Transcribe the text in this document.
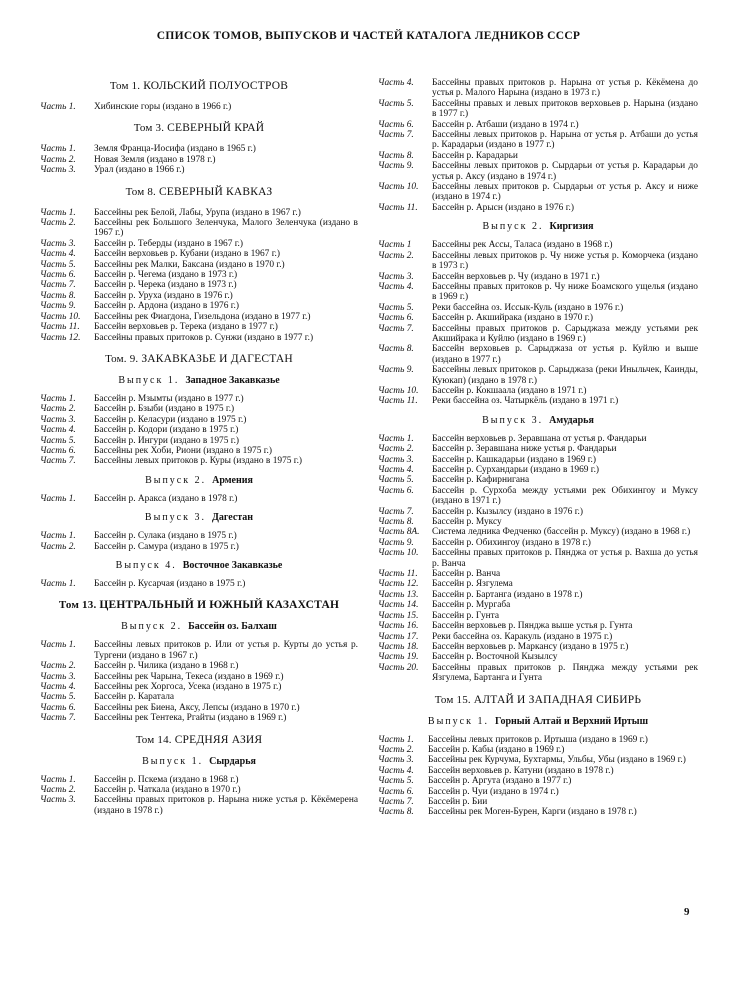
СПИСОК ТОМОВ, ВЫПУСКОВ И ЧАСТЕЙ КАТАЛОГА ЛЕДНИКОВ СССР
Том 1. КОЛЬСКИЙ ПОЛУОСТРОВ
Часть 1. Хибинские горы (издано в 1966 г.)
Том 3. СЕВЕРНЫЙ КРАЙ
Часть 1. Земля Франца-Иосифа (издано в 1965 г.)
Часть 2. Новая Земля (издано в 1978 г.)
Часть 3. Урал (издано в 1966 г.)
Том 8. СЕВЕРНЫЙ КАВКАЗ
Часть 1. Бассейны рек Белой, Лабы, Урупа (издано в 1967 г.)
Часть 2. Бассейны рек Большого Зеленчука, Малого Зеленчука (издано в 1967 г.)
Часть 3. Бассейн р. Теберды (издано в 1967 г.)
Часть 4. Бассейн верховьев р. Кубани (издано в 1967 г.)
Часть 5. Бассейны рек Малки, Баксана (издано в 1970 г.)
Часть 6. Бассейн р. Чегема (издано в 1973 г.)
Часть 7. Бассейн р. Черека (издано в 1973 г.)
Часть 8. Бассейн р. Уруха (издано в 1976 г.)
Часть 9. Бассейн р. Ардона (издано в 1976 г.)
Часть 10. Бассейны рек Фиагдона, Гизельдона (издано в 1977 г.)
Часть 11. Бассейн верховьев р. Терека (издано в 1977 г.)
Часть 12. Бассейны правых притоков р. Сунжи (издано в 1977 г.)
Том. 9. ЗАКАВКАЗЬЕ И ДАГЕСТАН
Выпуск 1. Западное Закавказье
Часть 1. Бассейн р. Мзымты (издано в 1977 г.)
Часть 2. Бассейн р. Бзыби (издано в 1975 г.)
Часть 3. Бассейн р. Келасури (издано в 1975 г.)
Часть 4. Бассейн р. Кодори (издано в 1975 г.)
Часть 5. Бассейн р. Ингури (издано в 1975 г.)
Часть 6. Бассейны рек Хоби, Риони (издано в 1975 г.)
Часть 7. Бассейны левых притоков р. Куры (издано в 1975 г.)
Выпуск 2. Армения
Часть 1. Бассейн р. Аракса (издано в 1978 г.)
Выпуск 3. Дагестан
Часть 1. Бассейн р. Сулака (издано в 1975 г.)
Часть 2. Бассейн р. Самура (издано в 1975 г.)
Выпуск 4. Восточное Закавказье
Часть 1. Бассейн р. Кусарчая (издано в 1975 г.)
Том 13. ЦЕНТРАЛЬНЫЙ И ЮЖНЫЙ КАЗАХСТАН
Выпуск 2. Бассейн оз. Балхаш
Часть 1. Бассейны левых притоков р. Или от устья р. Курты до устья р. Тургени (издано в 1967 г.)
Часть 2. Бассейн р. Чилика (издано в 1968 г.)
Часть 3. Бассейны рек Чарына, Текеса (издано в 1969 г.)
Часть 4. Бассейны рек Хоргоса, Усека (издано в 1975 г.)
Часть 5. Бассейн р. Каратала
Часть 6. Бассейны рек Биена, Аксу, Лепсы (издано в 1970 г.)
Часть 7. Бассейны рек Тентека, Ргайты (издано в 1969 г.)
Том 14. СРЕДНЯЯ АЗИЯ
Выпуск 1. Сырдарья
Часть 1. Бассейн р. Пскема (издано в 1968 г.)
Часть 2. Бассейн р. Чаткала (издано в 1970 г.)
Часть 3. Бассейны правых притоков р. Нарына ниже устья р. Кёкёмерена (издано в 1978 г.)
Часть 4. Бассейны правых притоков р. Нарына от устья р. Кёкёмена до устья р. Малого Нарына (издано в 1973 г.)
Часть 5. Бассейны правых и левых притоков верховьев р. Нарына (издано в 1977 г.)
Часть 6. Бассейн р. Атбаши (издано в 1974 г.)
Часть 7. Бассейны левых притоков р. Нарына от устья р. Атбаши до устья р. Карадарьи (издано в 1977 г.)
Часть 8. Бассейн р. Карадарьи
Часть 9. Бассейны левых притоков р. Сырдарьи от устья р. Карадарьи до устья р. Аксу (издано в 1974 г.)
Часть 10. Бассейны левых притоков р. Сырдарьи от устья р. Аксу и ниже (издано в 1974 г.)
Часть 11. Бассейн р. Арысн (издано в 1976 г.)
Выпуск 2. Киргизия
Часть 1 Бассейны рек Ассы, Таласа (издано в 1968 г.)
Часть 2. Бассейны левых притоков р. Чу ниже устья р. Коморчека (издано в 1973 г.)
Часть 3. Бассейн верховьев р. Чу (издано в 1971 г.)
Часть 4. Бассейны правых притоков р. Чу ниже Боамского ущелья (издано в 1969 г.)
Часть 5. Реки бассейна оз. Иссык-Куль (издано в 1976 г.)
Часть 6. Бассейн р. Акшийрака (издано в 1970 г.)
Часть 7. Бассейны правых притоков р. Сарыджаза между устьями рек Акшийрака и Куйлю (издано в 1969 г.)
Часть 8. Бассейн верховьев р. Сарыджаза от устья р. Куйлю и выше (издано в 1977 г.)
Часть 9. Бассейны левых притоков р. Сарыджаза (реки Иныльчек, Каинды, Куюкап) (издано в 1978 г.)
Часть 10. Бассейн р. Кокшаала (издано в 1971 г.)
Часть 11. Реки бассейна оз. Чатыркёль (издано в 1971 г.)
Выпуск 3. Амударья
Часть 1. Бассейн верховьев р. Зеравшана от устья р. Фандарьи
Часть 2. Бассейн р. Зеравшана ниже устья р. Фандарьи
Часть 3. Бассейн р. Кашкадарьи (издано в 1969 г.)
Часть 4. Бассейн р. Сурхандарьи (издано в 1969 г.)
Часть 5. Бассейн р. Кафирнигана
Часть 6. Бассейн р. Сурхоба между устьями рек Обихингоу и Муксу (издано в 1971 г.)
Часть 7. Бассейн р. Кызылсу (издано в 1976 г.)
Часть 8. Бассейн р. Муксу
Часть 8А. Система ледника Федченко (бассейн р. Муксу) (издано в 1968 г.)
Часть 9. Бассейн р. Обихингоу (издано в 1978 г.)
Часть 10. Бассейны правых притоков р. Пянджа от устья р. Вахша до устья р. Ванча
Часть 11. Бассейн р. Ванча
Часть 12. Бассейн р. Язгулема
Часть 13. Бассейн р. Бартанга (издано в 1978 г.)
Часть 14. Бассейн р. Мургаба
Часть 15. Бассейн р. Гунта
Часть 16. Бассейн верховьев р. Пянджа выше устья р. Гунта
Часть 17. Реки бассейна оз. Каракуль (издано в 1975 г.)
Часть 18. Бассейн верховьев р. Маркансу (издано в 1975 г.)
Часть 19. Бассейн р. Восточной Кызылсу
Часть 20. Бассейны правых притоков р. Пянджа между устьями рек Язгулема, Бартанга и Гунта
Том 15. АЛТАЙ И ЗАПАДНАЯ СИБИРЬ
Выпуск 1. Горный Алтай и Верхний Иртыш
Часть 1. Бассейны левых притоков р. Иртыша (издано в 1969 г.)
Часть 2. Бассейн р. Кабы (издано в 1969 г.)
Часть 3. Бассейны рек Курчума, Бухтармы, Ульбы, Убы (издано в 1969 г.)
Часть 4. Бассейн верховьев р. Катуни (издано в 1978 г.)
Часть 5. Бассейн р. Аргута (издано в 1977 г.)
Часть 6. Бассейн р. Чуи (издано в 1974 г.)
Часть 7. Бассейн р. Бии
Часть 8. Бассейны рек Моген-Бурен, Карги (издано в 1978 г.)
9
